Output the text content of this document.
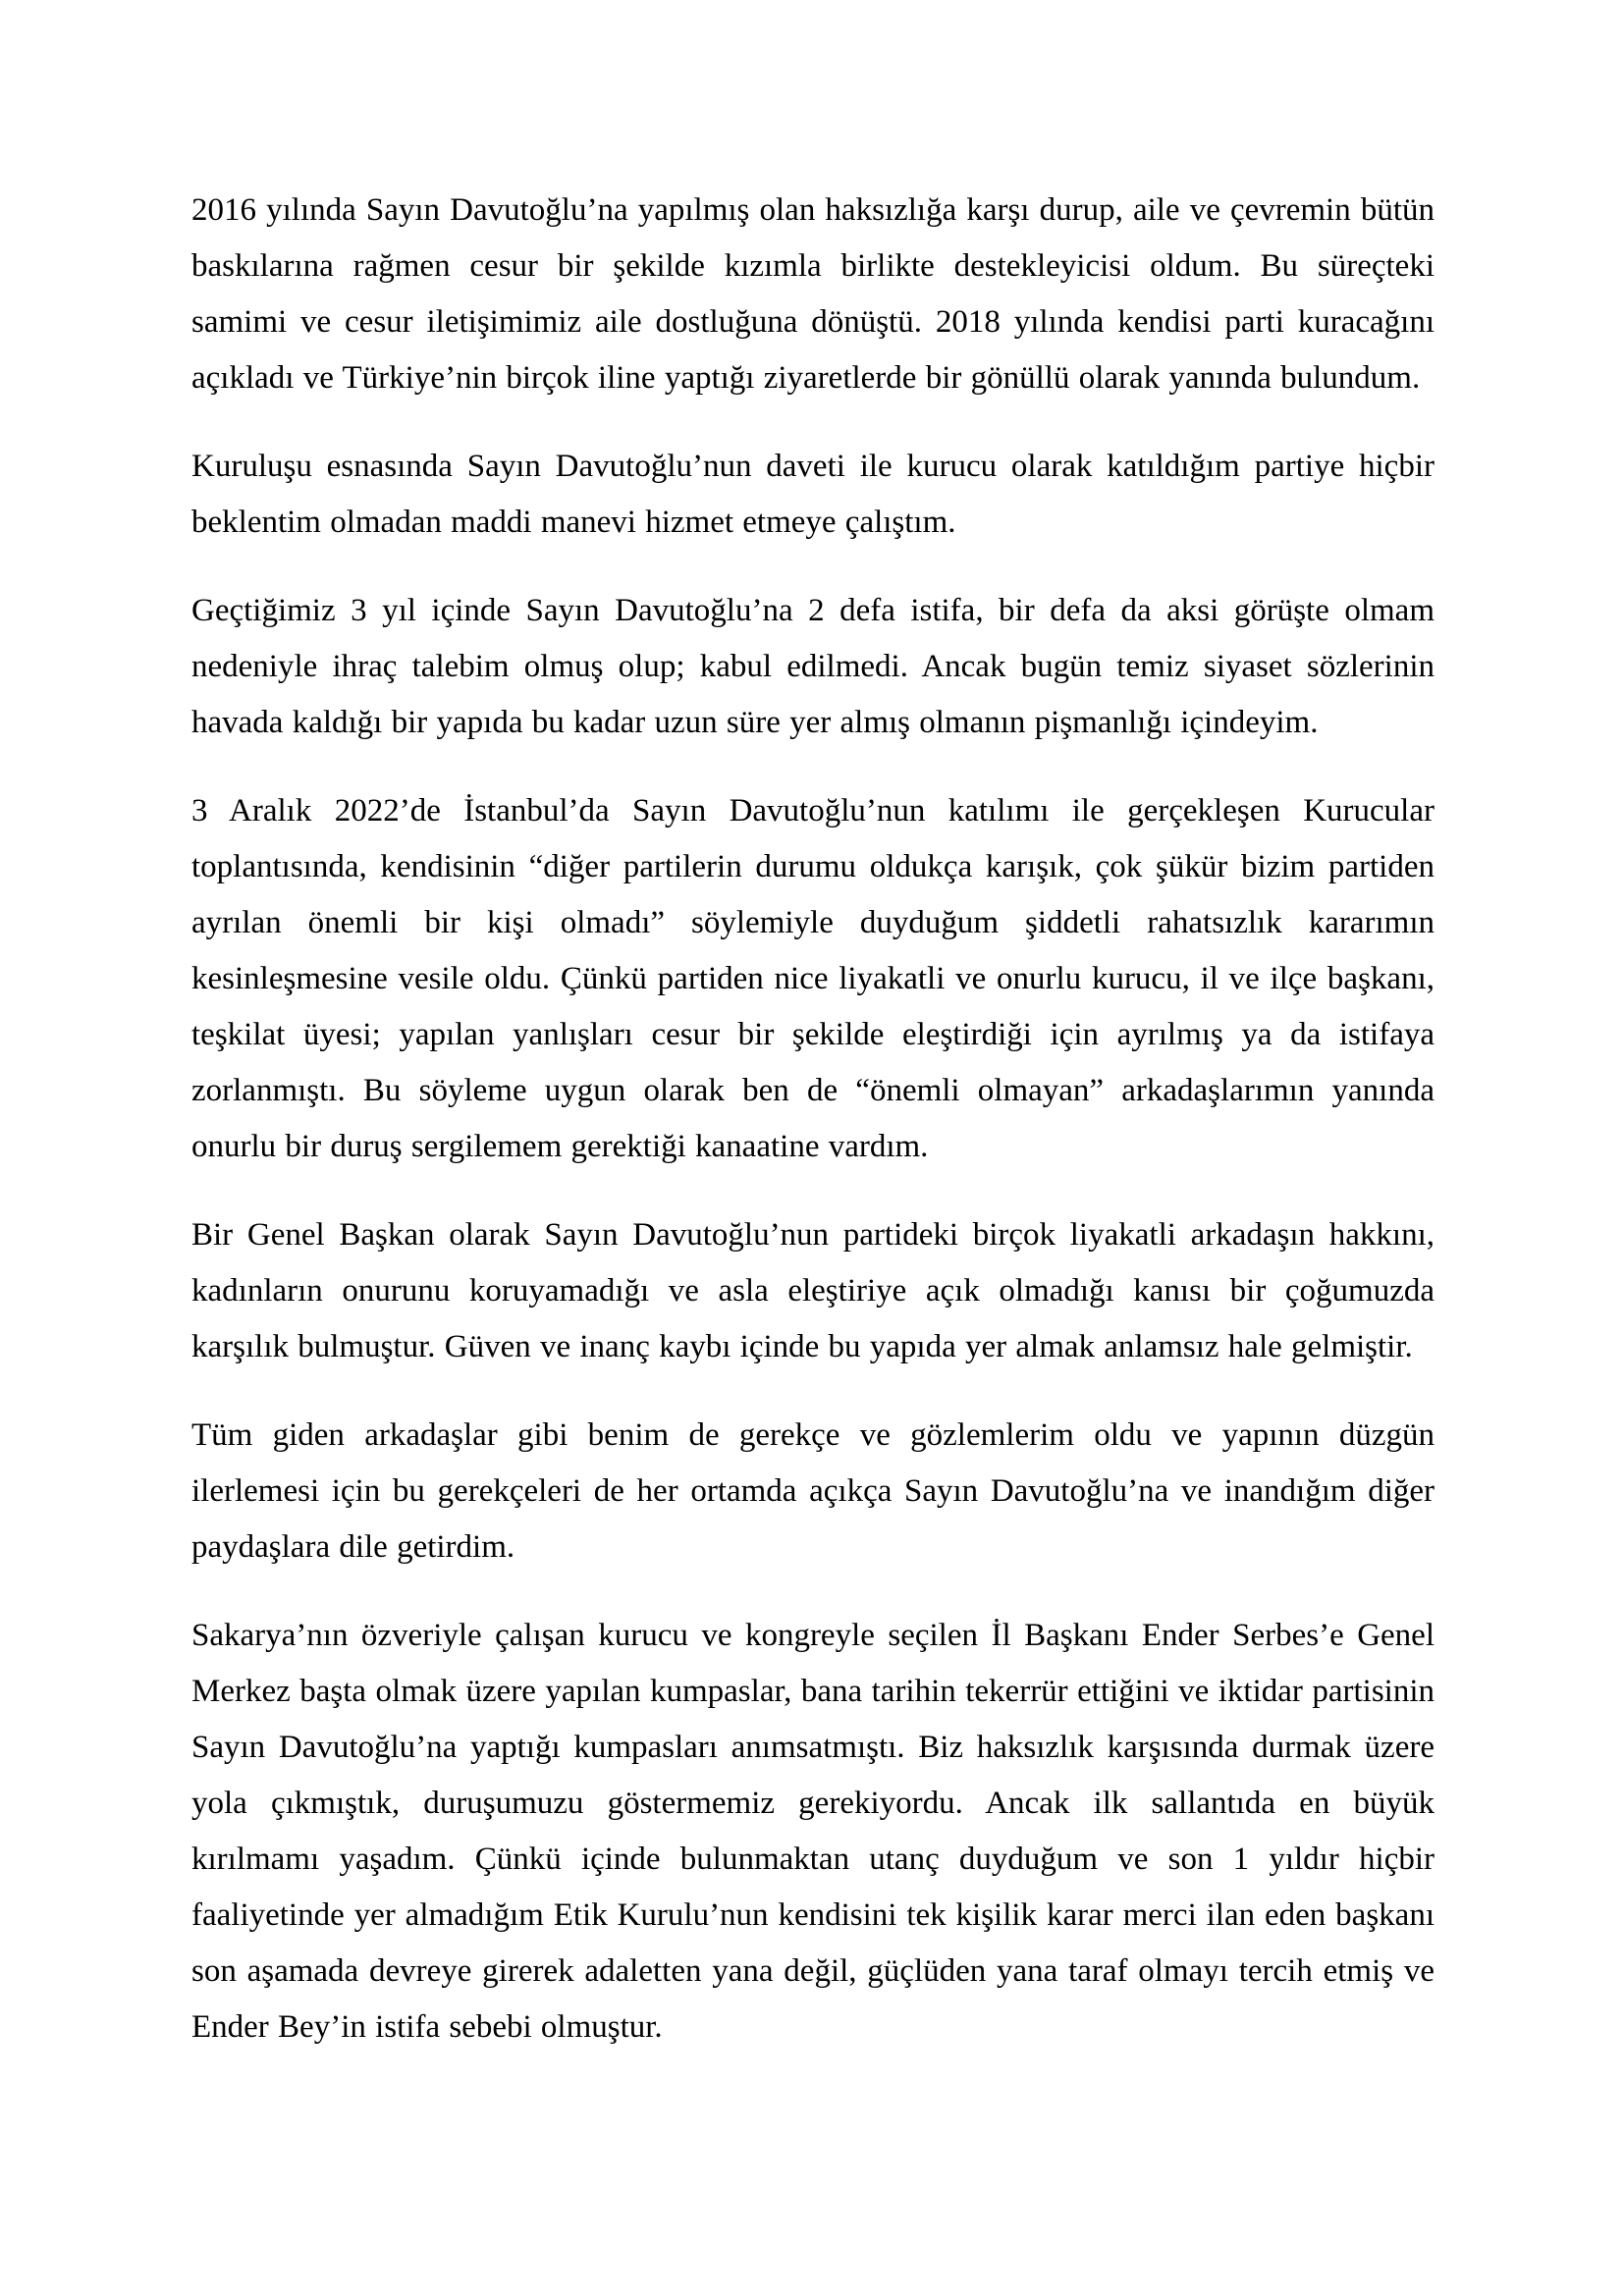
2016 yılında Sayın Davutoğlu’na yapılmış olan haksızlığa karşı durup, aile ve çevremin bütün baskılarına rağmen cesur bir şekilde kızımla birlikte destekleyicisi oldum. Bu süreçteki samimi ve cesur iletişimimiz aile dostluğuna dönüştü. 2018 yılında kendisi parti kuracağını açıkladı ve Türkiye’nin birçok iline yaptığı ziyaretlerde bir gönüllü olarak yanında bulundum.

Kuruluşu esnasında Sayın Davutoğlu’nun daveti ile kurucu olarak katıldığım partiye hiçbir beklentim olmadan maddi manevi hizmet etmeye çalıştım.

Geçtiğimiz 3 yıl içinde Sayın Davutoğlu’na 2 defa istifa, bir defa da aksi görüşte olmam nedeniyle ihraç talebim olmuş olup; kabul edilmedi. Ancak bugün temiz siyaset sözlerinin havada kaldığı bir yapıda bu kadar uzun süre yer almış olmanın pişmanlığı içindeyim.

3 Aralık 2022’de İstanbul’da Sayın Davutoğlu’nun katılımı ile gerçekleşen Kurucular toplantısında, kendisinin “diğer partilerin durumu oldukça karışık, çok şükür bizim partiden ayrılan önemli bir kişi olmadı” söylemiyle duyduğum şiddetli rahatsızlık kararımın kesinleşmesine vesile oldu. Çünkü partiden nice liyakatli ve onurlu kurucu, il ve ilçe başkanı, teşkilat üyesi; yapılan yanlışları cesur bir şekilde eleştirdiği için ayrılmış ya da istifaya zorlanmıştı. Bu söyleme uygun olarak ben de “önemli olmayan” arkadaşlarımın yanında onurlu bir duruş sergilemem gerektiği kanaatine vardım.

Bir Genel Başkan olarak Sayın Davutoğlu’nun partideki birçok liyakatli arkadaşın hakkını, kadınların onurunu koruyamadığı ve asla eleştiriye açık olmadığı kanısı bir çoğumuzda karşılık bulmuştur. Güven ve inanç kaybı içinde bu yapıda yer almak anlamsız hale gelmiştir.

Tüm giden arkadaşlar gibi benim de gerekçe ve gözlemlerim oldu ve yapının düzgün ilerlemesi için bu gerekçeleri de her ortamda açıkça Sayın Davutoğlu’na ve inandığım diğer paydaşlara dile getirdim.

Sakarya’nın özveriyle çalışan kurucu ve kongreyle seçilen İl Başkanı Ender Serbes’e Genel Merkez başta olmak üzere yapılan kumpaslar, bana tarihin tekerrür ettiğini ve iktidar partisinin Sayın Davutoğlu’na yaptığı kumpasları anımsatmıştı. Biz haksızlık karşısında durmak üzere yola çıkmıştık, duruşumuzu göstermemiz gerekiyordu. Ancak ilk sallantıda en büyük kırılmamı yaşadım. Çünkü içinde bulunmaktan utanç duyduğum ve son 1 yıldır hiçbir faaliyetinde yer almadığım Etik Kurulu’nun kendisini tek kişilik karar merci ilan eden başkanı son aşamada devreye girerek adaletten yana değil, güçlüden yana taraf olmayı tercih etmiş ve Ender Bey’in istifa sebebi olmuştur.
